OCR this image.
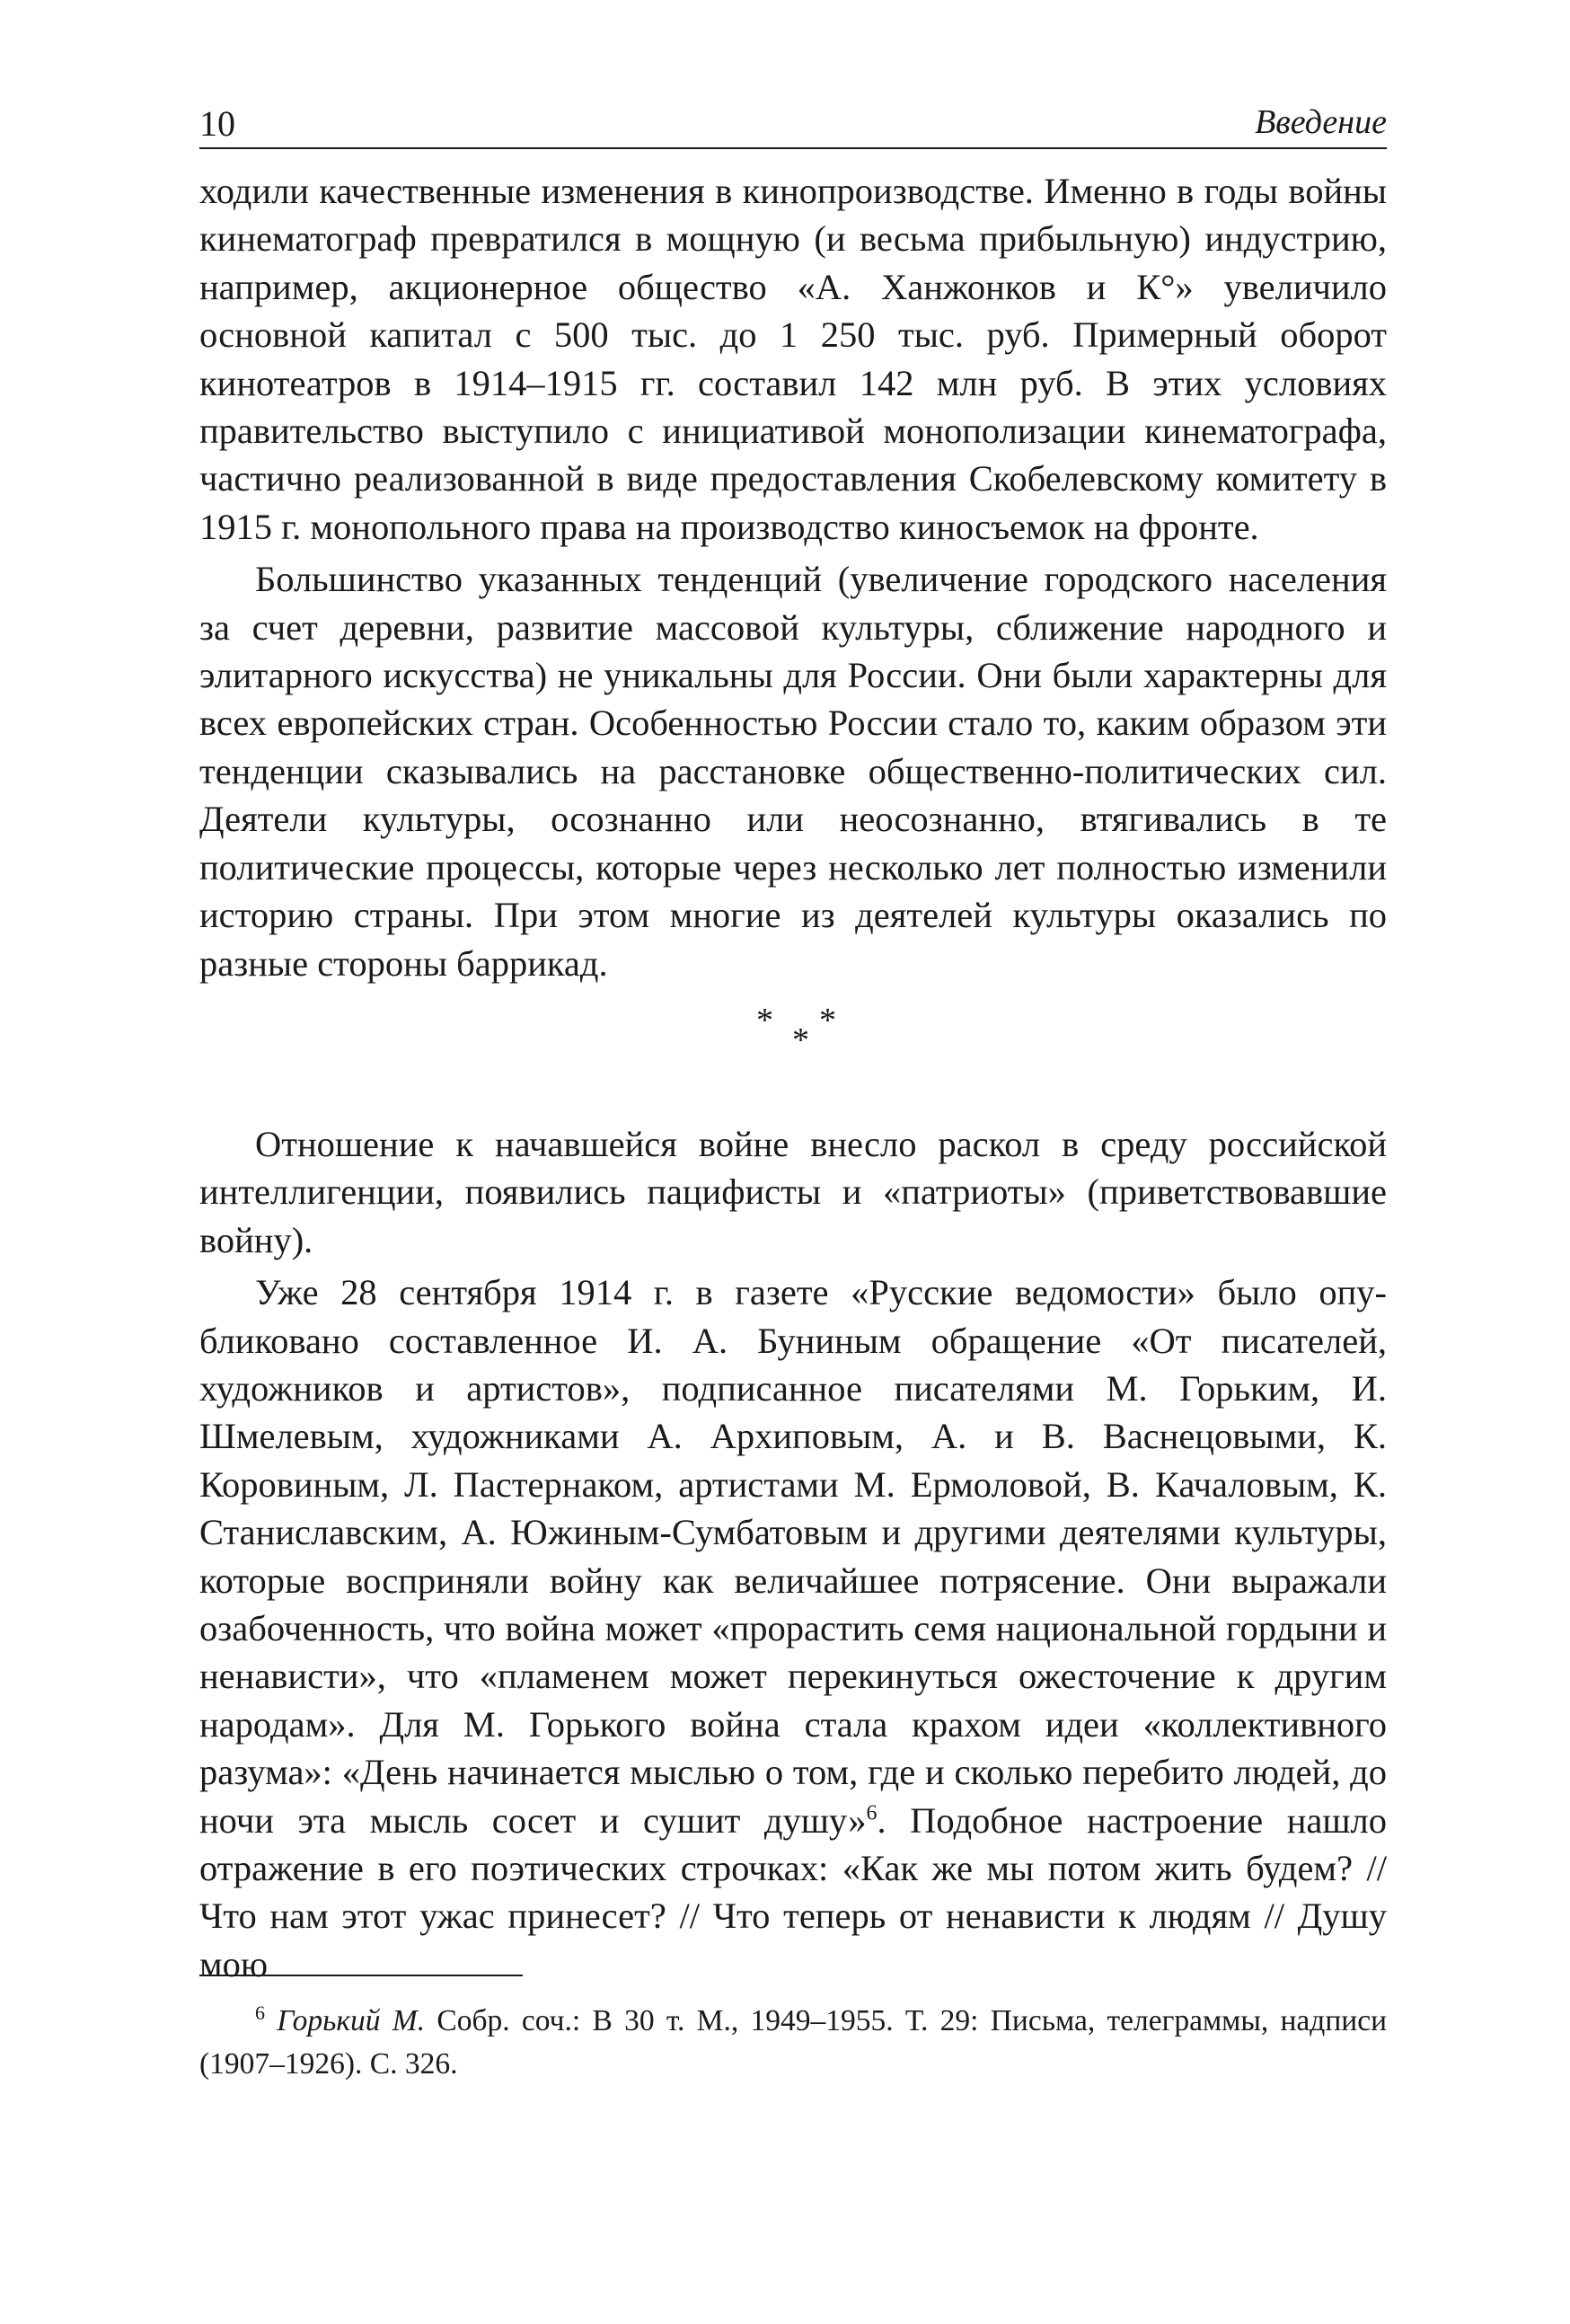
10	Введение

ходили качественные изменения в кинопроизводстве. Именно в годы войны кинематограф превратился в мощную (и весьма прибыльную) индустрию, например, акционерное общество «А. Ханжонков и К°» увеличило основной капитал с 500 тыс. до 1 250 тыс. руб. Примерный оборот кинотеатров в 1914–1915 гг. составил 142 млн руб. В этих условиях правительство выступило с инициативой монополизации кинематографа, частично реализованной в виде предоставления Скобелевскому комитету в 1915 г. монопольного права на производство киносъемок на фронте.

Большинство указанных тенденций (увеличение городского населения за счет деревни, развитие массовой культуры, сближение народного и элитарного искусства) не уникальны для России. Они были характерны для всех европейских стран. Особенностью России стало то, каким образом эти тенденции сказывались на расстановке общественно-политических сил. Деятели культуры, осознанно или неосознанно, втягивались в те политические процессы, которые через несколько лет полностью изменили историю страны. При этом многие из деятелей культуры оказались по разные стороны баррикад.

*
*
*

Отношение к начавшейся войне внесло раскол в среду российской интеллигенции, появились пацифисты и «патриоты» (приветствовавшие войну).

Уже 28 сентября 1914 г. в газете «Русские ведомости» было опубликовано составленное И. А. Буниным обращение «От писателей, художников и артистов», подписанное писателями М. Горьким, И. Шмелевым, художниками А. Архиповым, А. и В. Васнецовыми, К. Коровиным, Л. Пастернаком, артистами М. Ермоловой, В. Качаловым, К. Станиславским, А. Южиным-Сумбатовым и другими деятелями культуры, которые восприняли войну как величайшее потрясение. Они выражали озабоченность, что война может «прорастить семя национальной гордыни и ненависти», что «пламенем может перекинуться ожесточение к другим народам». Для М. Горького война стала крахом идеи «коллективного разума»: «День начинается мыслью о том, где и сколько перебито людей, до ночи эта мысль сосет и сушит душу»$^6$. Подобное настроение нашло отражение в его поэтических строчках: «Как же мы потом жить будем? // Что нам этот ужас принесет? // Что теперь от ненависти к людям // Душу мою

$^6$ Горький М. Собр. соч.: В 30 т. М., 1949–1955. Т. 29: Письма, телеграммы, надписи (1907–1926). С. 326.
